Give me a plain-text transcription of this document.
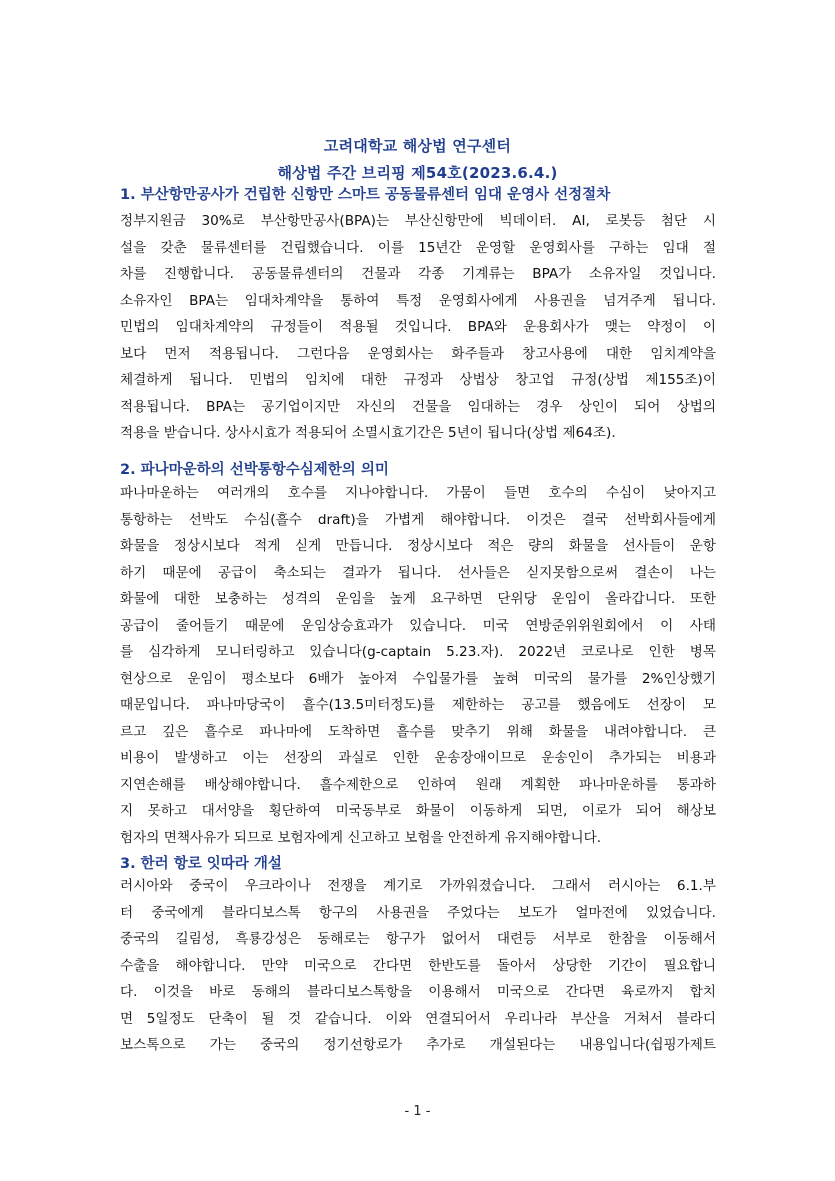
고려대학교 해상법 연구센터
해상법 주간 브리핑 제54호(2023.6.4.)
1. 부산항만공사가 건립한 신항만 스마트 공동물류센터 임대 운영사 선정절차
정부지원금 30%로 부산항만공사(BPA)는 부산신항만에 빅데이터. AI, 로봇등 첨단 시
설을 갖춘 물류센터를 건립했습니다. 이를 15년간 운영할 운영회사를 구하는 임대 절
차를 진행합니다. 공동물류센터의 건물과 각종 기계류는 BPA가 소유자일 것입니다.
소유자인 BPA는 임대차계약을 통하여 특정 운영회사에게 사용권을 넘겨주게 됩니다.
민법의 임대차계약의 규정들이 적용될 것입니다. BPA와 운용회사가 맺는 약정이 이
보다 먼저 적용됩니다. 그런다음 운영회사는 화주들과 창고사용에 대한 임치계약을
체결하게 됩니다. 민법의 임치에 대한 규정과 상법상 창고업 규정(상법 제155조)이
적용됩니다. BPA는 공기업이지만 자신의 건물을 임대하는 경우 상인이 되어 상법의
적용을 받습니다. 상사시효가 적용되어 소멸시효기간은 5년이 됩니다(상법 제64조).
2. 파나마운하의 선박통항수심제한의 의미
파나마운하는 여러개의 호수를 지나야합니다. 가뭄이 들면 호수의 수심이 낮아지고
통항하는 선박도 수심(흘수 draft)을 가볍게 해야합니다. 이것은 결국 선박회사들에게
화물을 정상시보다 적게 싣게 만듭니다. 정상시보다 적은 량의 화물을 선사들이 운항
하기 때문에 공급이 축소되는 결과가 됩니다. 선사들은 싣지못함으로써 결손이 나는
화물에 대한 보충하는 성격의 운임을 높게 요구하면 단위당 운임이 올라갑니다. 또한
공급이 줄어들기 때문에 운임상승효과가 있습니다. 미국 연방준위위원회에서 이 사태
를 심각하게 모니터링하고 있습니다(g-captain 5.23.자). 2022년 코로나로 인한 병목
현상으로 운임이 평소보다 6배가 높아져 수입물가를 높혀 미국의 물가를 2%인상했기
때문입니다. 파나마당국이 흘수(13.5미터정도)를 제한하는 공고를 했음에도 선장이 모
르고 깊은 흘수로 파나마에 도착하면 흘수를 맞추기 위해 화물을 내려야합니다. 큰
비용이 발생하고 이는 선장의 과실로 인한 운송장애이므로 운송인이 추가되는 비용과
지연손해를 배상해야합니다. 흘수제한으로 인하여 원래 계획한 파나마운하를 통과하
지 못하고 대서양을 횡단하여 미국동부로 화물이 이동하게 되면, 이로가 되어 해상보
험자의 면책사유가 되므로 보험자에게 신고하고 보험을 안전하게 유지해야합니다.
3. 한러 항로 잇따라 개설
러시아와 중국이 우크라이나 전쟁을 계기로 가까워졌습니다. 그래서 러시아는 6.1.부
터 중국에게 블라디보스톡 항구의 사용권을 주었다는 보도가 얼마전에 있었습니다.
중국의 길림성, 흑룡강성은 동해로는 항구가 없어서 대련등 서부로 한참을 이동해서
수출을 해야합니다. 만약 미국으로 간다면 한반도를 돌아서 상당한 기간이 필요합니
다. 이것을 바로 동해의 블라디보스톡항을 이용해서 미국으로 간다면 육로까지 합치
면 5일정도 단축이 될 것 같습니다. 이와 연결되어서 우리나라 부산을 거쳐서 블라디
보스톡으로 가는 중국의 정기선항로가 추가로 개설된다는 내용입니다(쉽핑가제트
- 1 -
